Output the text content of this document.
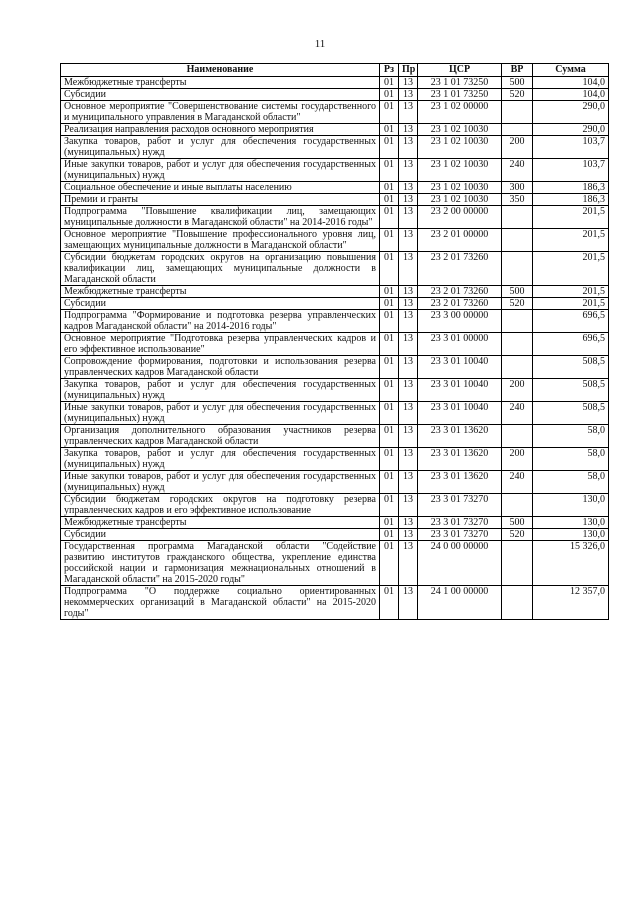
11
Наименование	Рз	Пр	ЦСР	ВР	Сумма
Межбюджетные трансферты	01	13	23 1 01 73250	500	104,0
Субсидии	01	13	23 1 01 73250	520	104,0
Основное мероприятие "Совершенствование системы государственного и муниципального управления в Магаданской области"	01	13	23 1 02 00000		290,0
Реализация направления расходов основного мероприятия	01	13	23 1 02 10030		290,0
Закупка товаров, работ и услуг для обеспечения государственных (муниципальных) нужд	01	13	23 1 02 10030	200	103,7
Иные закупки товаров, работ и услуг для обеспечения государственных (муниципальных) нужд	01	13	23 1 02 10030	240	103,7
Социальное обеспечение и иные выплаты населению	01	13	23 1 02 10030	300	186,3
Премии и гранты	01	13	23 1 02 10030	350	186,3
Подпрограмма "Повышение квалификации лиц, замещающих муниципальные должности в Магаданской области" на 2014-2016 годы"	01	13	23 2 00 00000		201,5
Основное мероприятие "Повышение профессионального уровня лиц, замещающих муниципальные должности в Магаданской области"	01	13	23 2 01 00000		201,5
Субсидии бюджетам городских округов на организацию повышения квалификации лиц, замещающих муниципальные должности в Магаданской области	01	13	23 2 01 73260		201,5
Межбюджетные трансферты	01	13	23 2 01 73260	500	201,5
Субсидии	01	13	23 2 01 73260	520	201,5
Подпрограмма "Формирование и подготовка резерва управленческих кадров Магаданской области" на 2014-2016 годы"	01	13	23 3 00 00000		696,5
Основное мероприятие "Подготовка резерва управленческих кадров и его эффективное использование"	01	13	23 3 01 00000		696,5
Сопровождение формирования, подготовки и использования резерва управленческих кадров Магаданской области	01	13	23 3 01 10040		508,5
Закупка товаров, работ и услуг для обеспечения государственных (муниципальных) нужд	01	13	23 3 01 10040	200	508,5
Иные закупки товаров, работ и услуг для обеспечения государственных (муниципальных) нужд	01	13	23 3 01 10040	240	508,5
Организация дополнительного образования участников резерва управленческих кадров Магаданской области	01	13	23 3 01 13620		58,0
Закупка товаров, работ и услуг для обеспечения государственных (муниципальных) нужд	01	13	23 3 01 13620	200	58,0
Иные закупки товаров, работ и услуг для обеспечения государственных (муниципальных) нужд	01	13	23 3 01 13620	240	58,0
Субсидии бюджетам городских округов на подготовку резерва управленческих кадров и его эффективное использование	01	13	23 3 01 73270		130,0
Межбюджетные трансферты	01	13	23 3 01 73270	500	130,0
Субсидии	01	13	23 3 01 73270	520	130,0
Государственная программа Магаданской области "Содействие развитию институтов гражданского общества, укрепление единства российской нации и гармонизация межнациональных отношений в Магаданской области" на 2015-2020 годы"	01	13	24 0 00 00000		15 326,0
Подпрограмма "О поддержке социально ориентированных некоммерческих организаций в Магаданской области" на 2015-2020 годы"	01	13	24 1 00 00000		12 357,0
